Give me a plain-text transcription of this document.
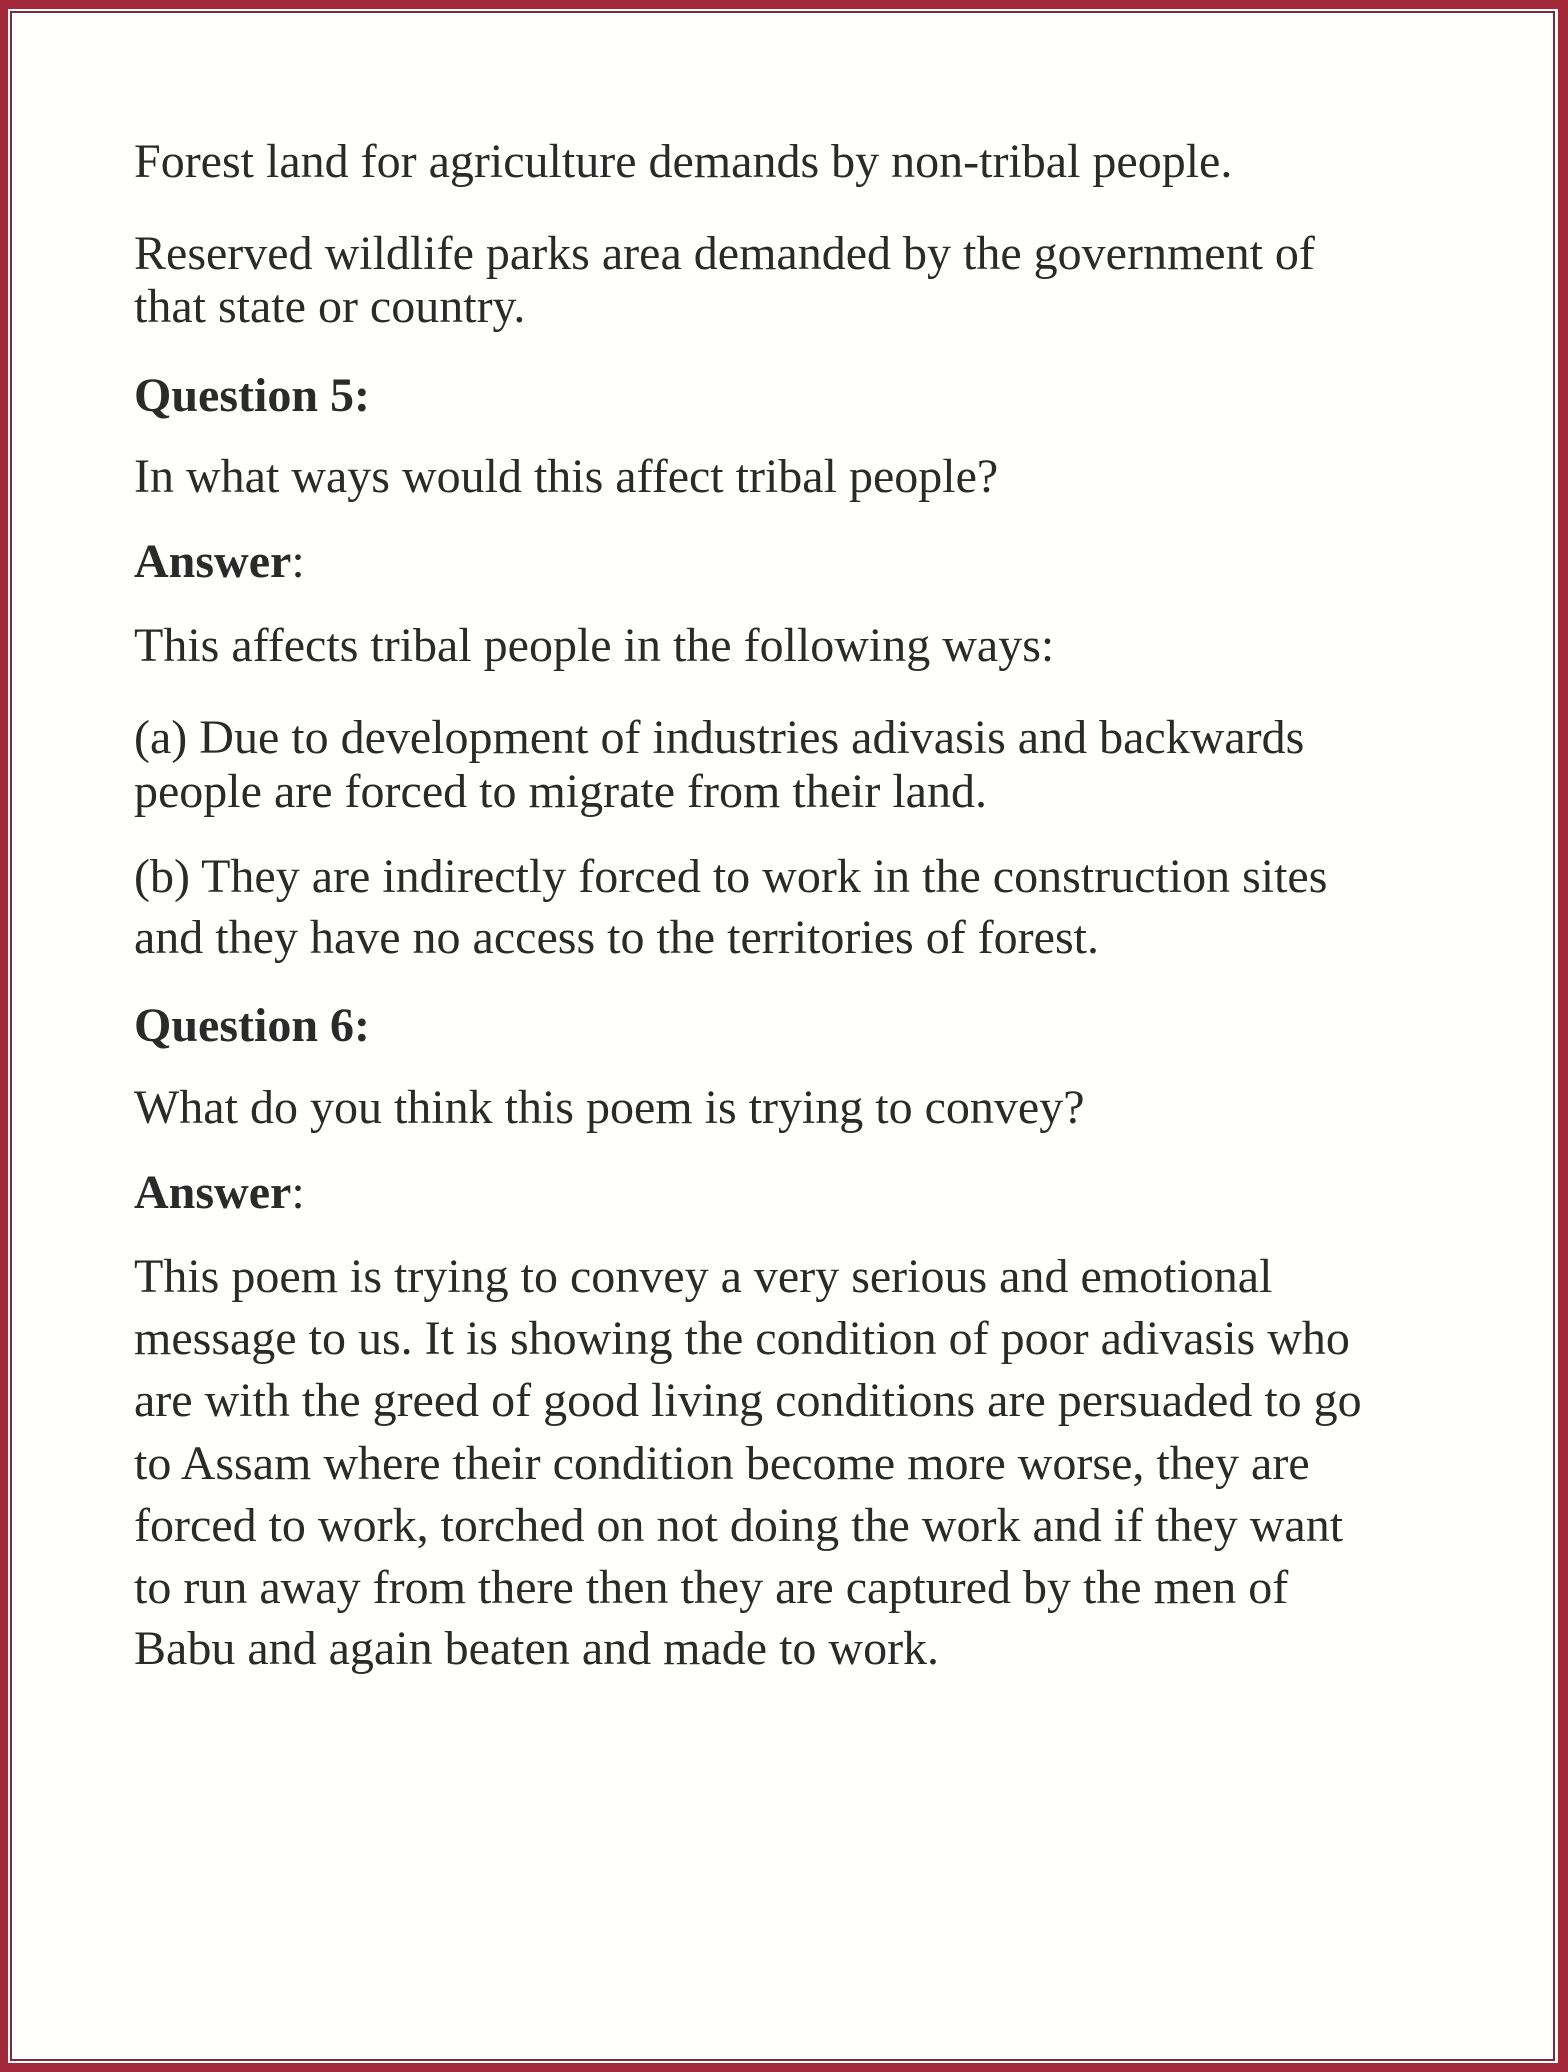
Forest land for agriculture demands by non-tribal people.
Reserved wildlife parks area demanded by the government of
that state or country.
Question 5:
In what ways would this affect tribal people?
Answer:
This affects tribal people in the following ways:
(a) Due to development of industries adivasis and backwards
people are forced to migrate from their land.
(b) They are indirectly forced to work in the construction sites
and they have no access to the territories of forest.
Question 6:
What do you think this poem is trying to convey?
Answer:
This poem is trying to convey a very serious and emotional
message to us. It is showing the condition of poor adivasis who
are with the greed of good living conditions are persuaded to go
to Assam where their condition become more worse, they are
forced to work, torched on not doing the work and if they want
to run away from there then they are captured by the men of
Babu and again beaten and made to work.
